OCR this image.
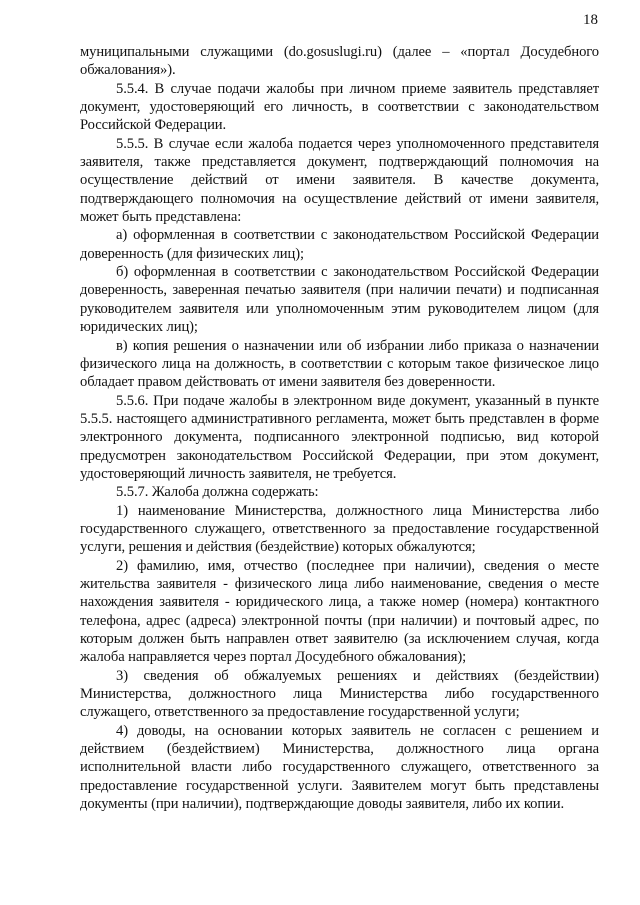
18

муниципальными служащими (do.gosuslugi.ru) (далее – «портал Досудебного обжалования»).

5.5.4. В случае подачи жалобы при личном приеме заявитель представляет документ, удостоверяющий его личность, в соответствии с законодательством Российской Федерации.

5.5.5. В случае если жалоба подается через уполномоченного представителя заявителя, также представляется документ, подтверждающий полномочия на осуществление действий от имени заявителя. В качестве документа, подтверждающего полномочия на осуществление действий от имени заявителя, может быть представлена:

а) оформленная в соответствии с законодательством Российской Федерации доверенность (для физических лиц);

б) оформленная в соответствии с законодательством Российской Федерации доверенность, заверенная печатью заявителя (при наличии печати) и подписанная руководителем заявителя или уполномоченным этим руководителем лицом (для юридических лиц);

в) копия решения о назначении или об избрании либо приказа о назначении физического лица на должность, в соответствии с которым такое физическое лицо обладает правом действовать от имени заявителя без доверенности.

5.5.6. При подаче жалобы в электронном виде документ, указанный в пункте 5.5.5. настоящего административного регламента, может быть представлен в форме электронного документа, подписанного электронной подписью, вид которой предусмотрен законодательством Российской Федерации, при этом документ, удостоверяющий личность заявителя, не требуется.

5.5.7. Жалоба должна содержать:

1) наименование Министерства, должностного лица Министерства либо государственного служащего, ответственного за предоставление государственной услуги, решения и действия (бездействие) которых обжалуются;

2) фамилию, имя, отчество (последнее при наличии), сведения о месте жительства заявителя - физического лица либо наименование, сведения о месте нахождения заявителя - юридического лица, а также номер (номера) контактного телефона, адрес (адреса) электронной почты (при наличии) и почтовый адрес, по которым должен быть направлен ответ заявителю (за исключением случая, когда жалоба направляется через портал Досудебного обжалования);

3) сведения об обжалуемых решениях и действиях (бездействии) Министерства, должностного лица Министерства либо государственного служащего, ответственного за предоставление государственной услуги;

4) доводы, на основании которых заявитель не согласен с решением и действием (бездействием) Министерства, должностного лица органа исполнительной власти либо государственного служащего, ответственного за предоставление государственной услуги. Заявителем могут быть представлены документы (при наличии), подтверждающие доводы заявителя, либо их копии.
